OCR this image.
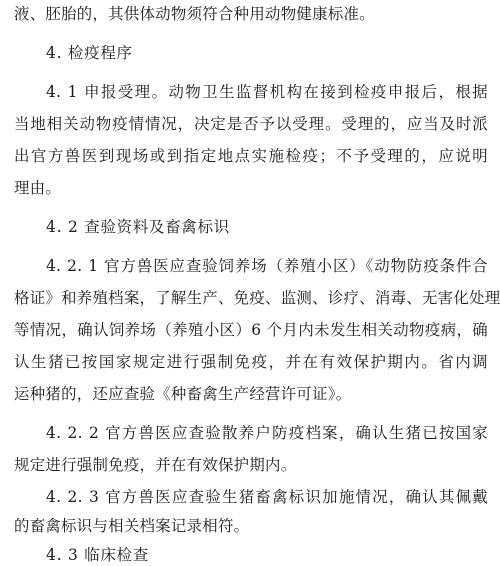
液、胚胎的，其供体动物须符合种用动物健康标准。
4. 检疫程序
4. 1 申报受理。动物卫生监督机构在接到检疫申报后，根据
当地相关动物疫情情况，决定是否予以受理。受理的，应当及时派
出官方兽医到现场或到指定地点实施检疫；不予受理的，应说明
理由。
4. 2 查验资料及畜禽标识
4. 2. 1 官方兽医应查验饲养场（养殖小区）《动物防疫条件合
格证》和养殖档案，了解生产、免疫、监测、诊疗、消毒、无害化处理
等情况，确认饲养场（养殖小区）6 个月内未发生相关动物疫病，确
认生猪已按国家规定进行强制免疫，并在有效保护期内。省内调
运种猪的，还应查验《种畜禽生产经营许可证》。
4. 2. 2 官方兽医应查验散养户防疫档案，确认生猪已按国家
规定进行强制免疫，并在有效保护期内。
4. 2. 3 官方兽医应查验生猪畜禽标识加施情况，确认其佩戴
的畜禽标识与相关档案记录相符。
4. 3 临床检查
